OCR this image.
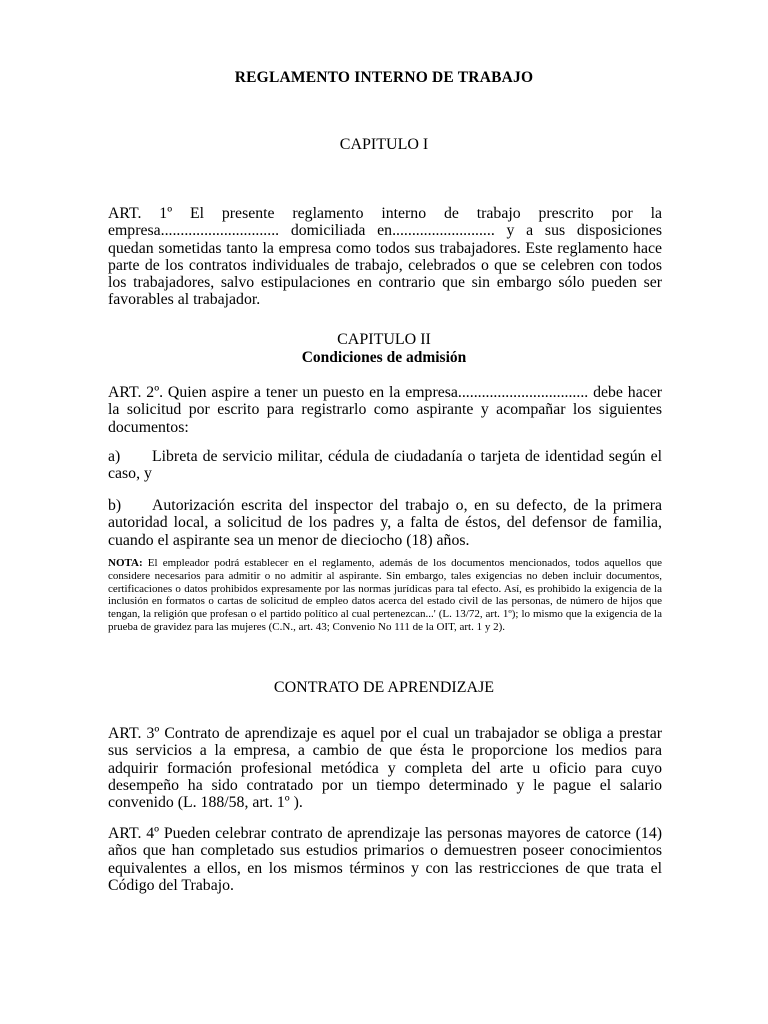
REGLAMENTO INTERNO DE TRABAJO
CAPITULO I
ART. 1º El presente reglamento interno de trabajo prescrito por la empresa.............................. domiciliada en.......................... y a sus disposiciones quedan sometidas tanto la empresa como todos sus trabajadores. Este reglamento hace parte de los contratos individuales de trabajo, celebrados o que se celebren con todos los trabajadores, salvo estipulaciones en contrario que sin embargo sólo pueden ser favorables al trabajador.
CAPITULO II
Condiciones de admisión
ART. 2º. Quien aspire a tener un puesto en la empresa................................. debe hacer la solicitud por escrito para registrarlo como aspirante y acompañar los siguientes documentos:
a) Libreta de servicio militar, cédula de ciudadanía o tarjeta de identidad según el caso, y
b) Autorización escrita del inspector del trabajo o, en su defecto, de la primera autoridad local, a solicitud de los padres y, a falta de éstos, del defensor de familia, cuando el aspirante sea un menor de dieciocho (18) años.
NOTA: El empleador podrá establecer en el reglamento, además de los documentos mencionados, todos aquellos que considere necesarios para admitir o no admitir al aspirante. Sin embargo, tales exigencias no deben incluir documentos, certificaciones o datos prohibidos expresamente por las normas jurídicas para tal efecto. Así, es prohibido la exigencia de la inclusión en formatos o cartas de solicitud de empleo datos acerca del estado civil de las personas, de número de hijos que tengan, la religión que profesan o el partido político al cual pertenezcan...' (L. 13/72, art. 1º); lo mismo que la exigencia de la prueba de gravidez para las mujeres (C.N., art. 43; Convenio No 111 de la OIT, art. 1 y 2).
CONTRATO DE APRENDIZAJE
ART. 3º Contrato de aprendizaje es aquel por el cual un trabajador se obliga a prestar sus servicios a la empresa, a cambio de que ésta le proporcione los medios para adquirir formación profesional metódica y completa del arte u oficio para cuyo desempeño ha sido contratado por un tiempo determinado y le pague el salario convenido (L. 188/58, art. 1º ).
ART. 4º Pueden celebrar contrato de aprendizaje las personas mayores de catorce (14) años que han completado sus estudios primarios o demuestren poseer conocimientos equivalentes a ellos, en los mismos términos y con las restricciones de que trata el Código del Trabajo.
